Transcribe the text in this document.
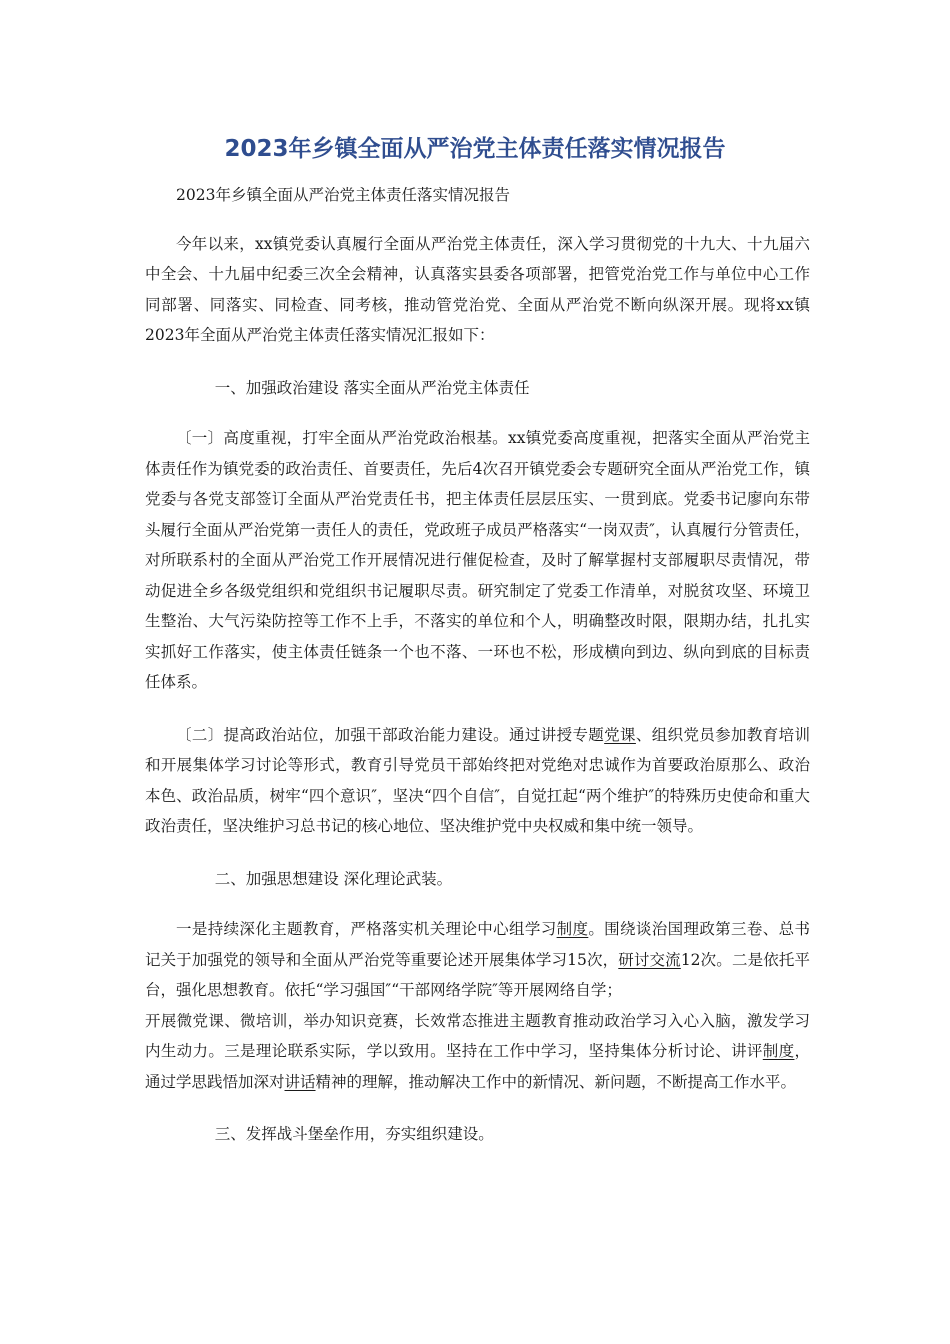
2023年乡镇全面从严治党主体责任落实情况报告

2023年乡镇全面从严治党主体责任落实情况报告

今年以来，xx镇党委认真履行全面从严治党主体责任，深入学习贯彻党的十九大、十九届六中全会、十九届中纪委三次全会精神，认真落实县委各项部署，把管党治党工作与单位中心工作同部署、同落实、同检查、同考核，推动管党治党、全面从严治党不断向纵深开展。现将xx镇2023年全面从严治党主体责任落实情况汇报如下：

一、加强政治建设 落实全面从严治党主体责任

〔一〕高度重视，打牢全面从严治党政治根基。xx镇党委高度重视，把落实全面从严治党主体责任作为镇党委的政治责任、首要责任，先后4次召开镇党委会专题研究全面从严治党工作，镇党委与各党支部签订全面从严治党责任书，把主体责任层层压实、一贯到底。党委书记廖向东带头履行全面从严治党第一责任人的责任，党政班子成员严格落实“一岗双责″，认真履行分管责任，对所联系村的全面从严治党工作开展情况进行催促检查，及时了解掌握村支部履职尽责情况，带动促进全乡各级党组织和党组织书记履职尽责。研究制定了党委工作清单，对脱贫攻坚、环境卫生整治、大气污染防控等工作不上手，不落实的单位和个人，明确整改时限，限期办结，扎扎实实抓好工作落实，使主体责任链条一个也不落、一环也不松，形成横向到边、纵向到底的目标责任体系。

〔二〕提高政治站位，加强干部政治能力建设。通过讲授专题党课、组织党员参加教育培训和开展集体学习讨论等形式，教育引导党员干部始终把对党绝对忠诚作为首要政治原那么、政治本色、政治品质，树牢“四个意识″，坚决“四个自信″，自觉扛起“两个维护″的特殊历史使命和重大政治责任，坚决维护习总书记的核心地位、坚决维护党中央权威和集中统一领导。

二、加强思想建设 深化理论武装。

一是持续深化主题教育，严格落实机关理论中心组学习制度。围绕谈治国理政第三卷、总书记关于加强党的领导和全面从严治党等重要论述开展集体学习15次，研讨交流12次。二是依托平台，强化思想教育。依托“学习强国″“干部网络学院″等开展网络自学；

开展微党课、微培训，举办知识竞赛，长效常态推进主题教育推动政治学习入心入脑，激发学习内生动力。三是理论联系实际，学以致用。坚持在工作中学习，坚持集体分析讨论、讲评制度，通过学思践悟加深对讲话精神的理解，推动解决工作中的新情况、新问题，不断提高工作水平。

三、发挥战斗堡垒作用，夯实组织建设。
